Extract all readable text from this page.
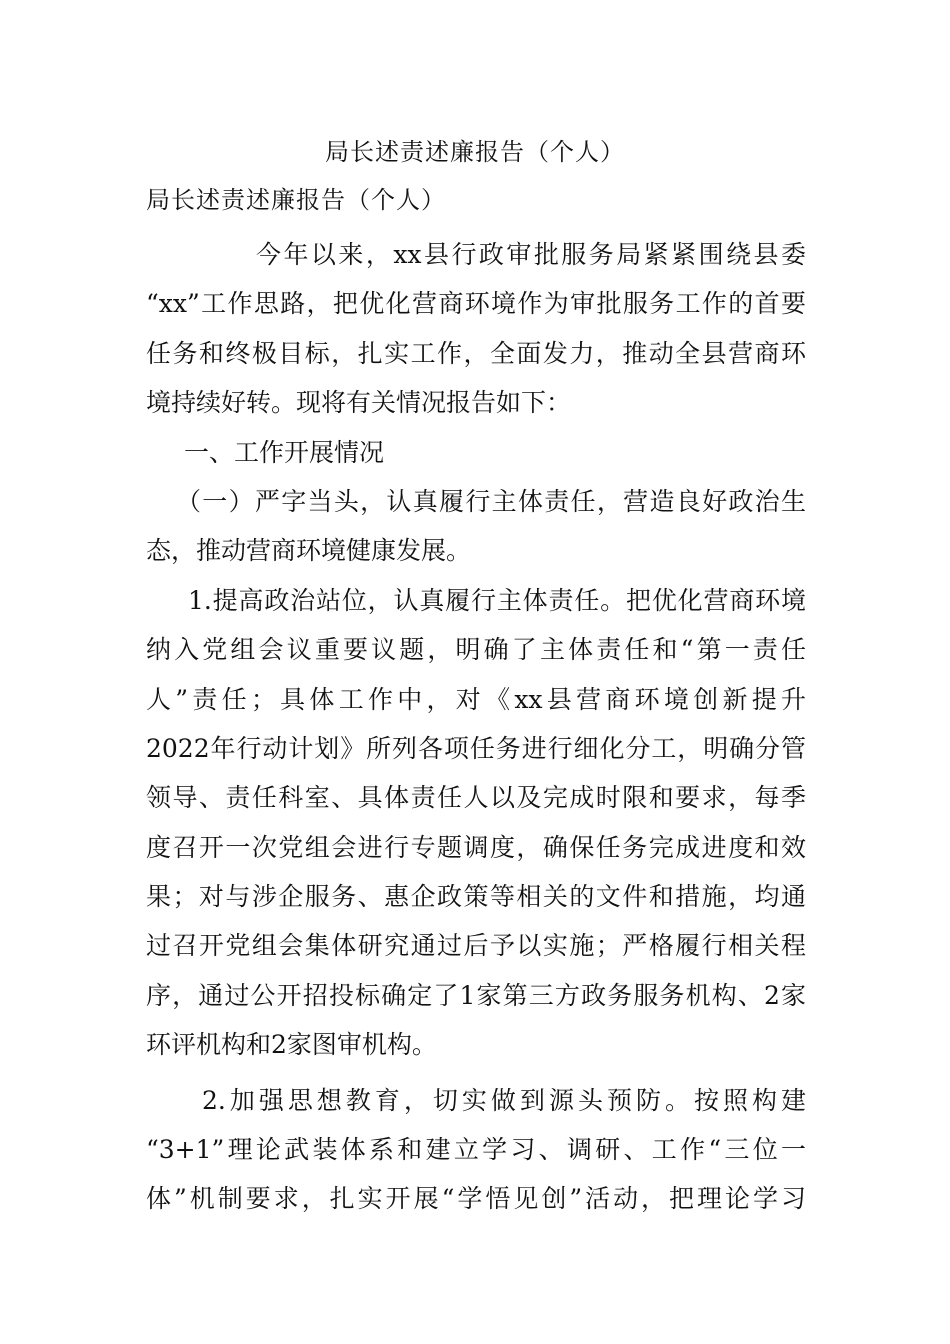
局长述责述廉报告（个人）
局长述责述廉报告（个人）
今年以来，xx县行政审批服务局紧紧围绕县委
“xx”工作思路，把优化营商环境作为审批服务工作的首要
任务和终极目标，扎实工作，全面发力，推动全县营商环
境持续好转。现将有关情况报告如下：
一、工作开展情况
（一）严字当头，认真履行主体责任，营造良好政治生
态，推动营商环境健康发展。
1.提高政治站位，认真履行主体责任。把优化营商环境
纳入党组会议重要议题，明确了主体责任和“第一责任
人”责任；具体工作中，对《xx县营商环境创新提升
2022年行动计划》所列各项任务进行细化分工，明确分管
领导、责任科室、具体责任人以及完成时限和要求，每季
度召开一次党组会进行专题调度，确保任务完成进度和效
果；对与涉企服务、惠企政策等相关的文件和措施，均通
过召开党组会集体研究通过后予以实施；严格履行相关程
序，通过公开招投标确定了1家第三方政务服务机构、2家
环评机构和2家图审机构。
2.加强思想教育，切实做到源头预防。按照构建
“3+1”理论武装体系和建立学习、调研、工作“三位一
体”机制要求，扎实开展“学悟见创”活动，把理论学习
